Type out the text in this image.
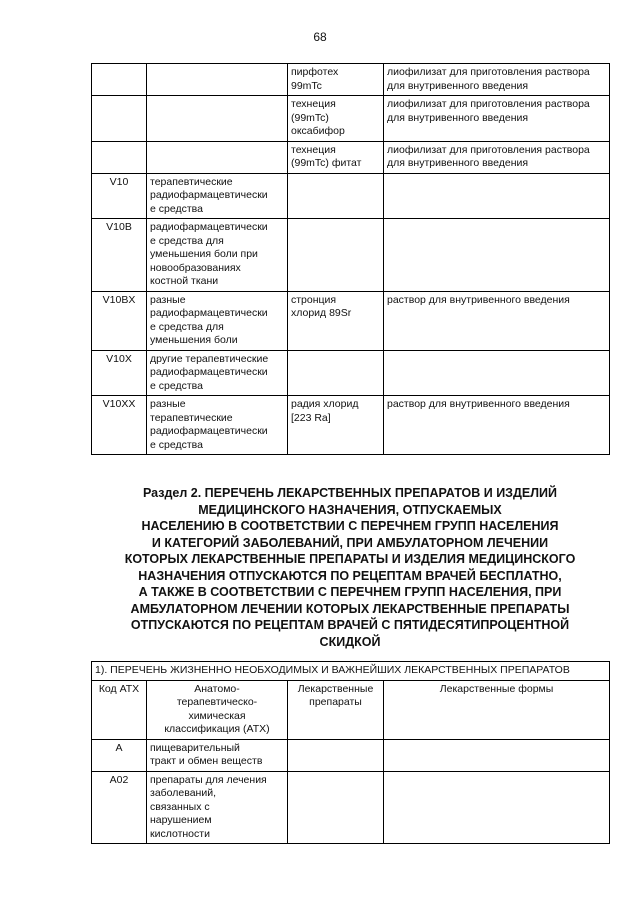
68
		пирфотех
99mTc	лиофилизат для приготовления раствора для внутривенного введения
		технеция
(99mTc)
оксабифор	лиофилизат для приготовления раствора для внутривенного введения
		технеция
(99mTc) фитат	лиофилизат для приготовления раствора для внутривенного введения
V10	терапевтические
радиофармацевтически
е средства		
V10B	радиофармацевтически
е средства для
уменьшения боли при
новообразованиях
костной ткани		
V10BX	разные
радиофармацевтически
е средства для
уменьшения боли	стронция
хлорид 89Sr	раствор для внутривенного введения
V10X	другие терапевтические
радиофармацевтически
е средства		
V10XX	разные
терапевтические
радиофармацевтически
е средства	радия хлорид
[223 Ra]	раствор для внутривенного введения
Раздел 2. ПЕРЕЧЕНЬ ЛЕКАРСТВЕННЫХ ПРЕПАРАТОВ И ИЗДЕЛИЙ
МЕДИЦИНСКОГО НАЗНАЧЕНИЯ, ОТПУСКАЕМЫХ
НАСЕЛЕНИЮ В СООТВЕТСТВИИ С ПЕРЕЧНЕМ ГРУПП НАСЕЛЕНИЯ
И КАТЕГОРИЙ ЗАБОЛЕВАНИЙ, ПРИ АМБУЛАТОРНОМ ЛЕЧЕНИИ
КОТОРЫХ ЛЕКАРСТВЕННЫЕ ПРЕПАРАТЫ И ИЗДЕЛИЯ МЕДИЦИНСКОГО
НАЗНАЧЕНИЯ ОТПУСКАЮТСЯ ПО РЕЦЕПТАМ ВРАЧЕЙ БЕСПЛАТНО,
А ТАКЖЕ В СООТВЕТСТВИИ С ПЕРЕЧНЕМ ГРУПП НАСЕЛЕНИЯ, ПРИ
АМБУЛАТОРНОМ ЛЕЧЕНИИ КОТОРЫХ ЛЕКАРСТВЕННЫЕ ПРЕПАРАТЫ
ОТПУСКАЮТСЯ ПО РЕЦЕПТАМ ВРАЧЕЙ С ПЯТИДЕСЯТИПРОЦЕНТНОЙ
СКИДКОЙ
1). ПЕРЕЧЕНЬ ЖИЗНЕННО НЕОБХОДИМЫХ И ВАЖНЕЙШИХ ЛЕКАРСТВЕННЫХ ПРЕПАРАТОВ			
Код АТХ	Анатомо-
терапевтическо-
химическая
классификация (АТХ)	Лекарственные
препараты	Лекарственные формы
A	пищеварительный
тракт и обмен веществ		
A02	препараты для лечения
заболеваний,
связанных с
нарушением
кислотности		
